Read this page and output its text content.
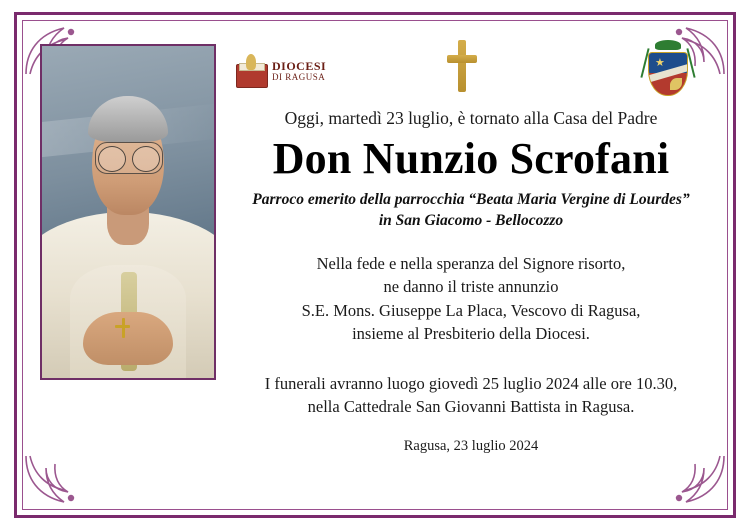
DIOCESI
DI RAGUSA
★

Oggi, martedì 23 luglio, è tornato alla Casa del Padre

Don Nunzio Scrofani

Parroco emerito della parrocchia “Beata Maria Vergine di Lourdes”
in San Giacomo - Bellocozzo

Nella fede e nella speranza del Signore risorto,
ne danno il triste annunzio
S.E. Mons. Giuseppe La Placa, Vescovo di Ragusa,
insieme al Presbiterio della Diocesi.

I funerali avranno luogo giovedì 25 luglio 2024 alle ore 10.30,
nella Cattedrale San Giovanni Battista in Ragusa.

Ragusa, 23 luglio 2024
